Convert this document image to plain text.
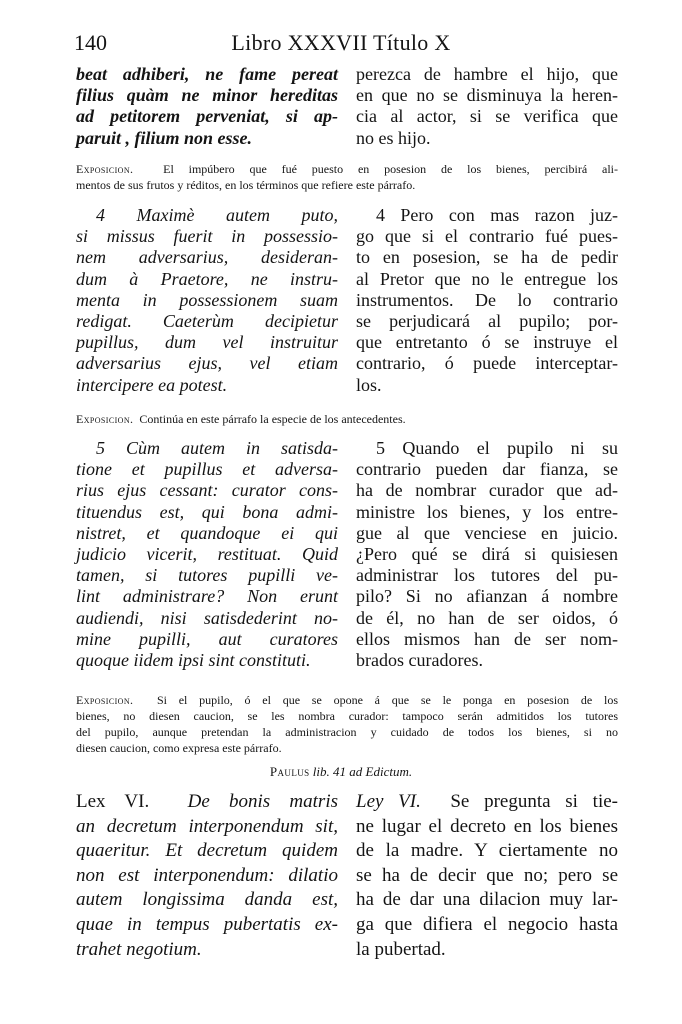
140	Libro XXXVII Título X
beat adhiberi, ne fame pereat
filius quàm ne minor hereditas
ad petitorem perveniat, si ap-
paruit , filium non esse.
perezca de hambre el hijo, que
en que no se disminuya la heren-
cia al actor, si se verifica que
no es hijo.
Exposicion. El impúbero que fué puesto en posesion de los bienes, percibirá ali-
mentos de sus frutos y réditos, en los términos que refiere este párrafo.
4 Maximè autem puto,
si missus fuerit in possessio-
nem adversarius, desideran-
dum à Praetore, ne instru-
menta in possessionem suam
redigat. Caeterùm decipietur
pupillus, dum vel instruitur
adversarius ejus, vel etiam
intercipere ea potest.
4 Pero con mas razon juz-
go que si el contrario fué pues-
to en posesion, se ha de pedir
al Pretor que no le entregue los
instrumentos. De lo contrario
se perjudicará al pupilo; por-
que entretanto ó se instruye el
contrario, ó puede interceptar-
los.
Exposicion. Continúa en este párrafo la especie de los antecedentes.
5 Cùm autem in satisda-
tione et pupillus et adversa-
rius ejus cessant: curator cons-
tituendus est, qui bona admi-
nistret, et quandoque ei qui
judicio vicerit, restituat. Quid
tamen, si tutores pupilli ve-
lint administrare? Non erunt
audiendi, nisi satisdederint no-
mine pupilli, aut curatores
quoque iidem ipsi sint constituti.
5 Quando el pupilo ni su
contrario pueden dar fianza, se
ha de nombrar curador que ad-
ministre los bienes, y los entre-
gue al que venciese en juicio.
¿Pero qué se dirá si quisiesen
administrar los tutores del pu-
pilo? Si no afianzan á nombre
de él, no han de ser oidos, ó
ellos mismos han de ser nom-
brados curadores.
Exposicion. Si el pupilo, ó el que se opone á que se le ponga en posesion de los
bienes, no diesen caucion, se les nombra curador: tampoco serán admitidos los tutores
del pupilo, aunque pretendan la administracion y cuidado de todos los bienes, si no
diesen caucion, como expresa este párrafo.
Paulus lib. 41 ad Edictum.
Lex VI. De bonis matris
an decretum interponendum sit,
quaeritur. Et decretum quidem
non est interponendum: dilatio
autem longissima danda est,
quae in tempus pubertatis ex-
trahet negotium.
Ley VI. Se pregunta si tie-
ne lugar el decreto en los bienes
de la madre. Y ciertamente no
se ha de decir que no; pero se
ha de dar una dilacion muy lar-
ga que difiera el negocio hasta
la pubertad.
